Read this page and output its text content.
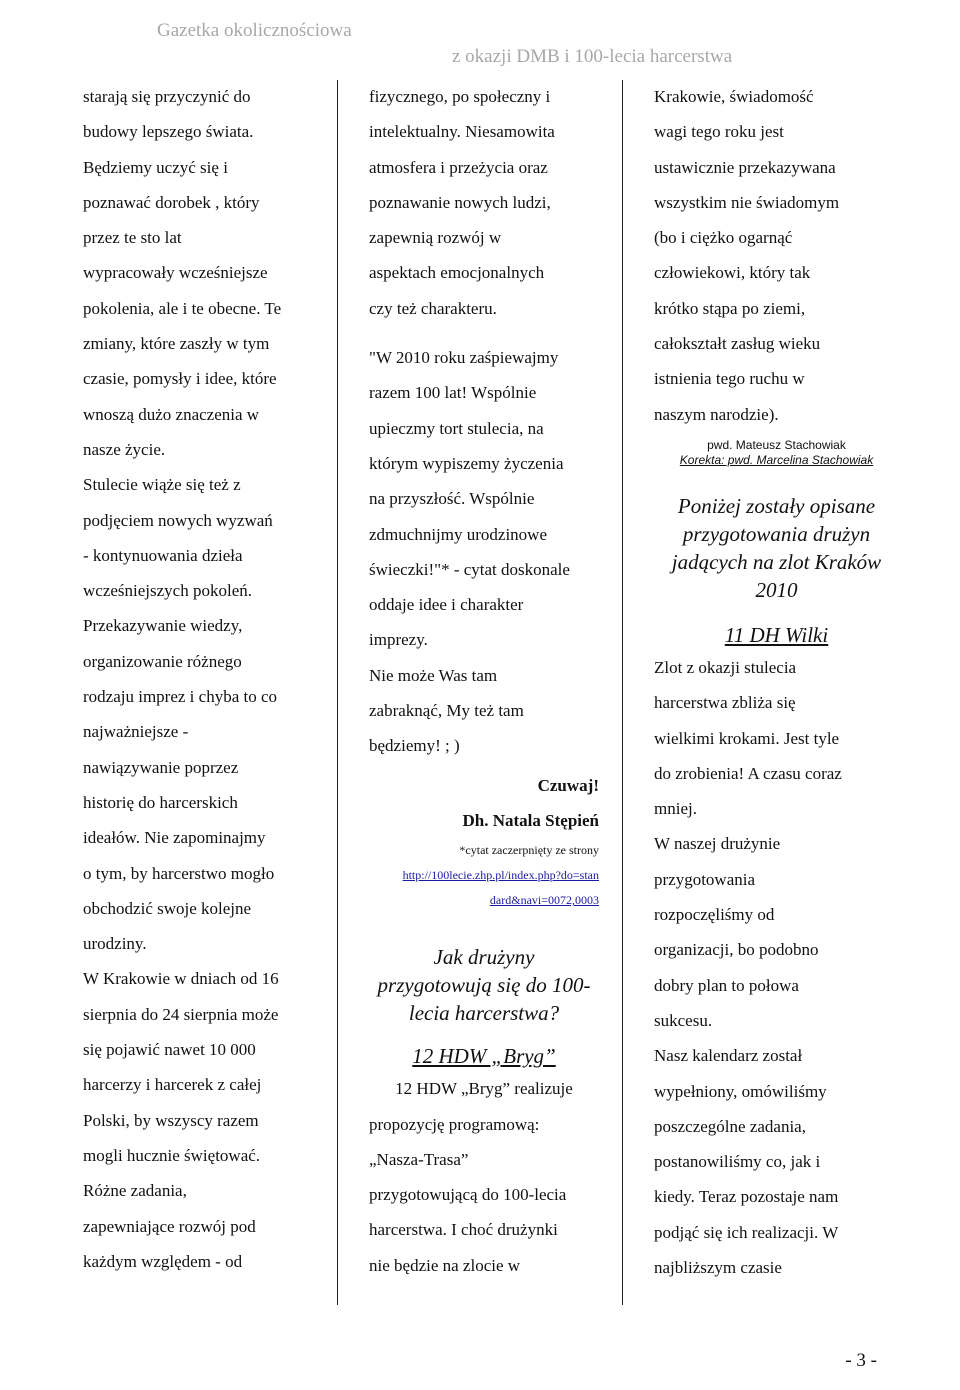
Gazetka okolicznościowa
z okazji DMB i 100-lecia harcerstwa
starają się przyczynić do
budowy lepszego świata.
Będziemy uczyć się i
poznawać dorobek , który
przez te sto lat
wypracowały wcześniejsze
pokolenia, ale i te obecne. Te
zmiany, które zaszły w tym
czasie, pomysły i idee, które
wnoszą dużo znaczenia w
nasze życie.
Stulecie wiąże się też z
podjęciem nowych wyzwań
- kontynuowania dzieła
wcześniejszych pokoleń.
Przekazywanie wiedzy,
organizowanie różnego
rodzaju imprez i chyba to co
najważniejsze -
nawiązywanie poprzez
historię do harcerskich
ideałów. Nie zapominajmy
o tym, by harcerstwo mogło
obchodzić swoje kolejne
urodziny.
W Krakowie w dniach od 16
sierpnia do 24 sierpnia może
się pojawić nawet 10 000
harcerzy i harcerek z całej
Polski, by wszyscy razem
mogli hucznie świętować.
Różne zadania,
zapewniające rozwój pod
każdym względem - od
fizycznego, po społeczny i
intelektualny. Niesamowita
atmosfera i przeżycia oraz
poznawanie nowych ludzi,
zapewnią rozwój w
aspektach emocjonalnych
czy też charakteru.
"W 2010 roku zaśpiewajmy
razem 100 lat! Wspólnie
upieczmy tort stulecia, na
którym wypiszemy życzenia
na przyszłość. Wspólnie
zdmuchnijmy urodzinowe
świeczki!"* - cytat doskonale
oddaje idee i charakter
imprezy.
Nie może Was tam
zabraknąć, My też tam
będziemy! ; )
Czuwaj!
Dh. Natala Stępień
*cytat zaczerpnięty ze strony
http://100lecie.zhp.pl/index.php?do=stan
dard&navi=0072,0003
Jak drużyny
przygotowują się do 100-
lecia harcerstwa?
12 HDW „Bryg”
12 HDW „Bryg” realizuje
propozycję programową:
„Nasza-Trasa”
przygotowującą do 100-lecia
harcerstwa. I choć drużynki
nie będzie na zlocie w
Krakowie, świadomość
wagi tego roku jest
ustawicznie przekazywana
wszystkim nie świadomym
(bo i ciężko ogarnąć
człowiekowi, który tak
krótko stąpa po ziemi,
całokształt zasług wieku
istnienia tego ruchu w
naszym narodzie).
pwd. Mateusz Stachowiak
Korekta: pwd. Marcelina Stachowiak
Poniżej zostały opisane
przygotowania drużyn
jadących na zlot Kraków
2010
11 DH Wilki
Zlot z okazji stulecia
harcerstwa zbliża się
wielkimi krokami. Jest tyle
do zrobienia! A czasu coraz
mniej.
W naszej drużynie
przygotowania
rozpoczęliśmy od
organizacji, bo podobno
dobry plan to połowa
sukcesu.
Nasz kalendarz został
wypełniony, omówiliśmy
poszczególne zadania,
postanowiliśmy co, jak i
kiedy. Teraz pozostaje nam
podjąć się ich realizacji. W
najbliższym czasie
- 3 -
